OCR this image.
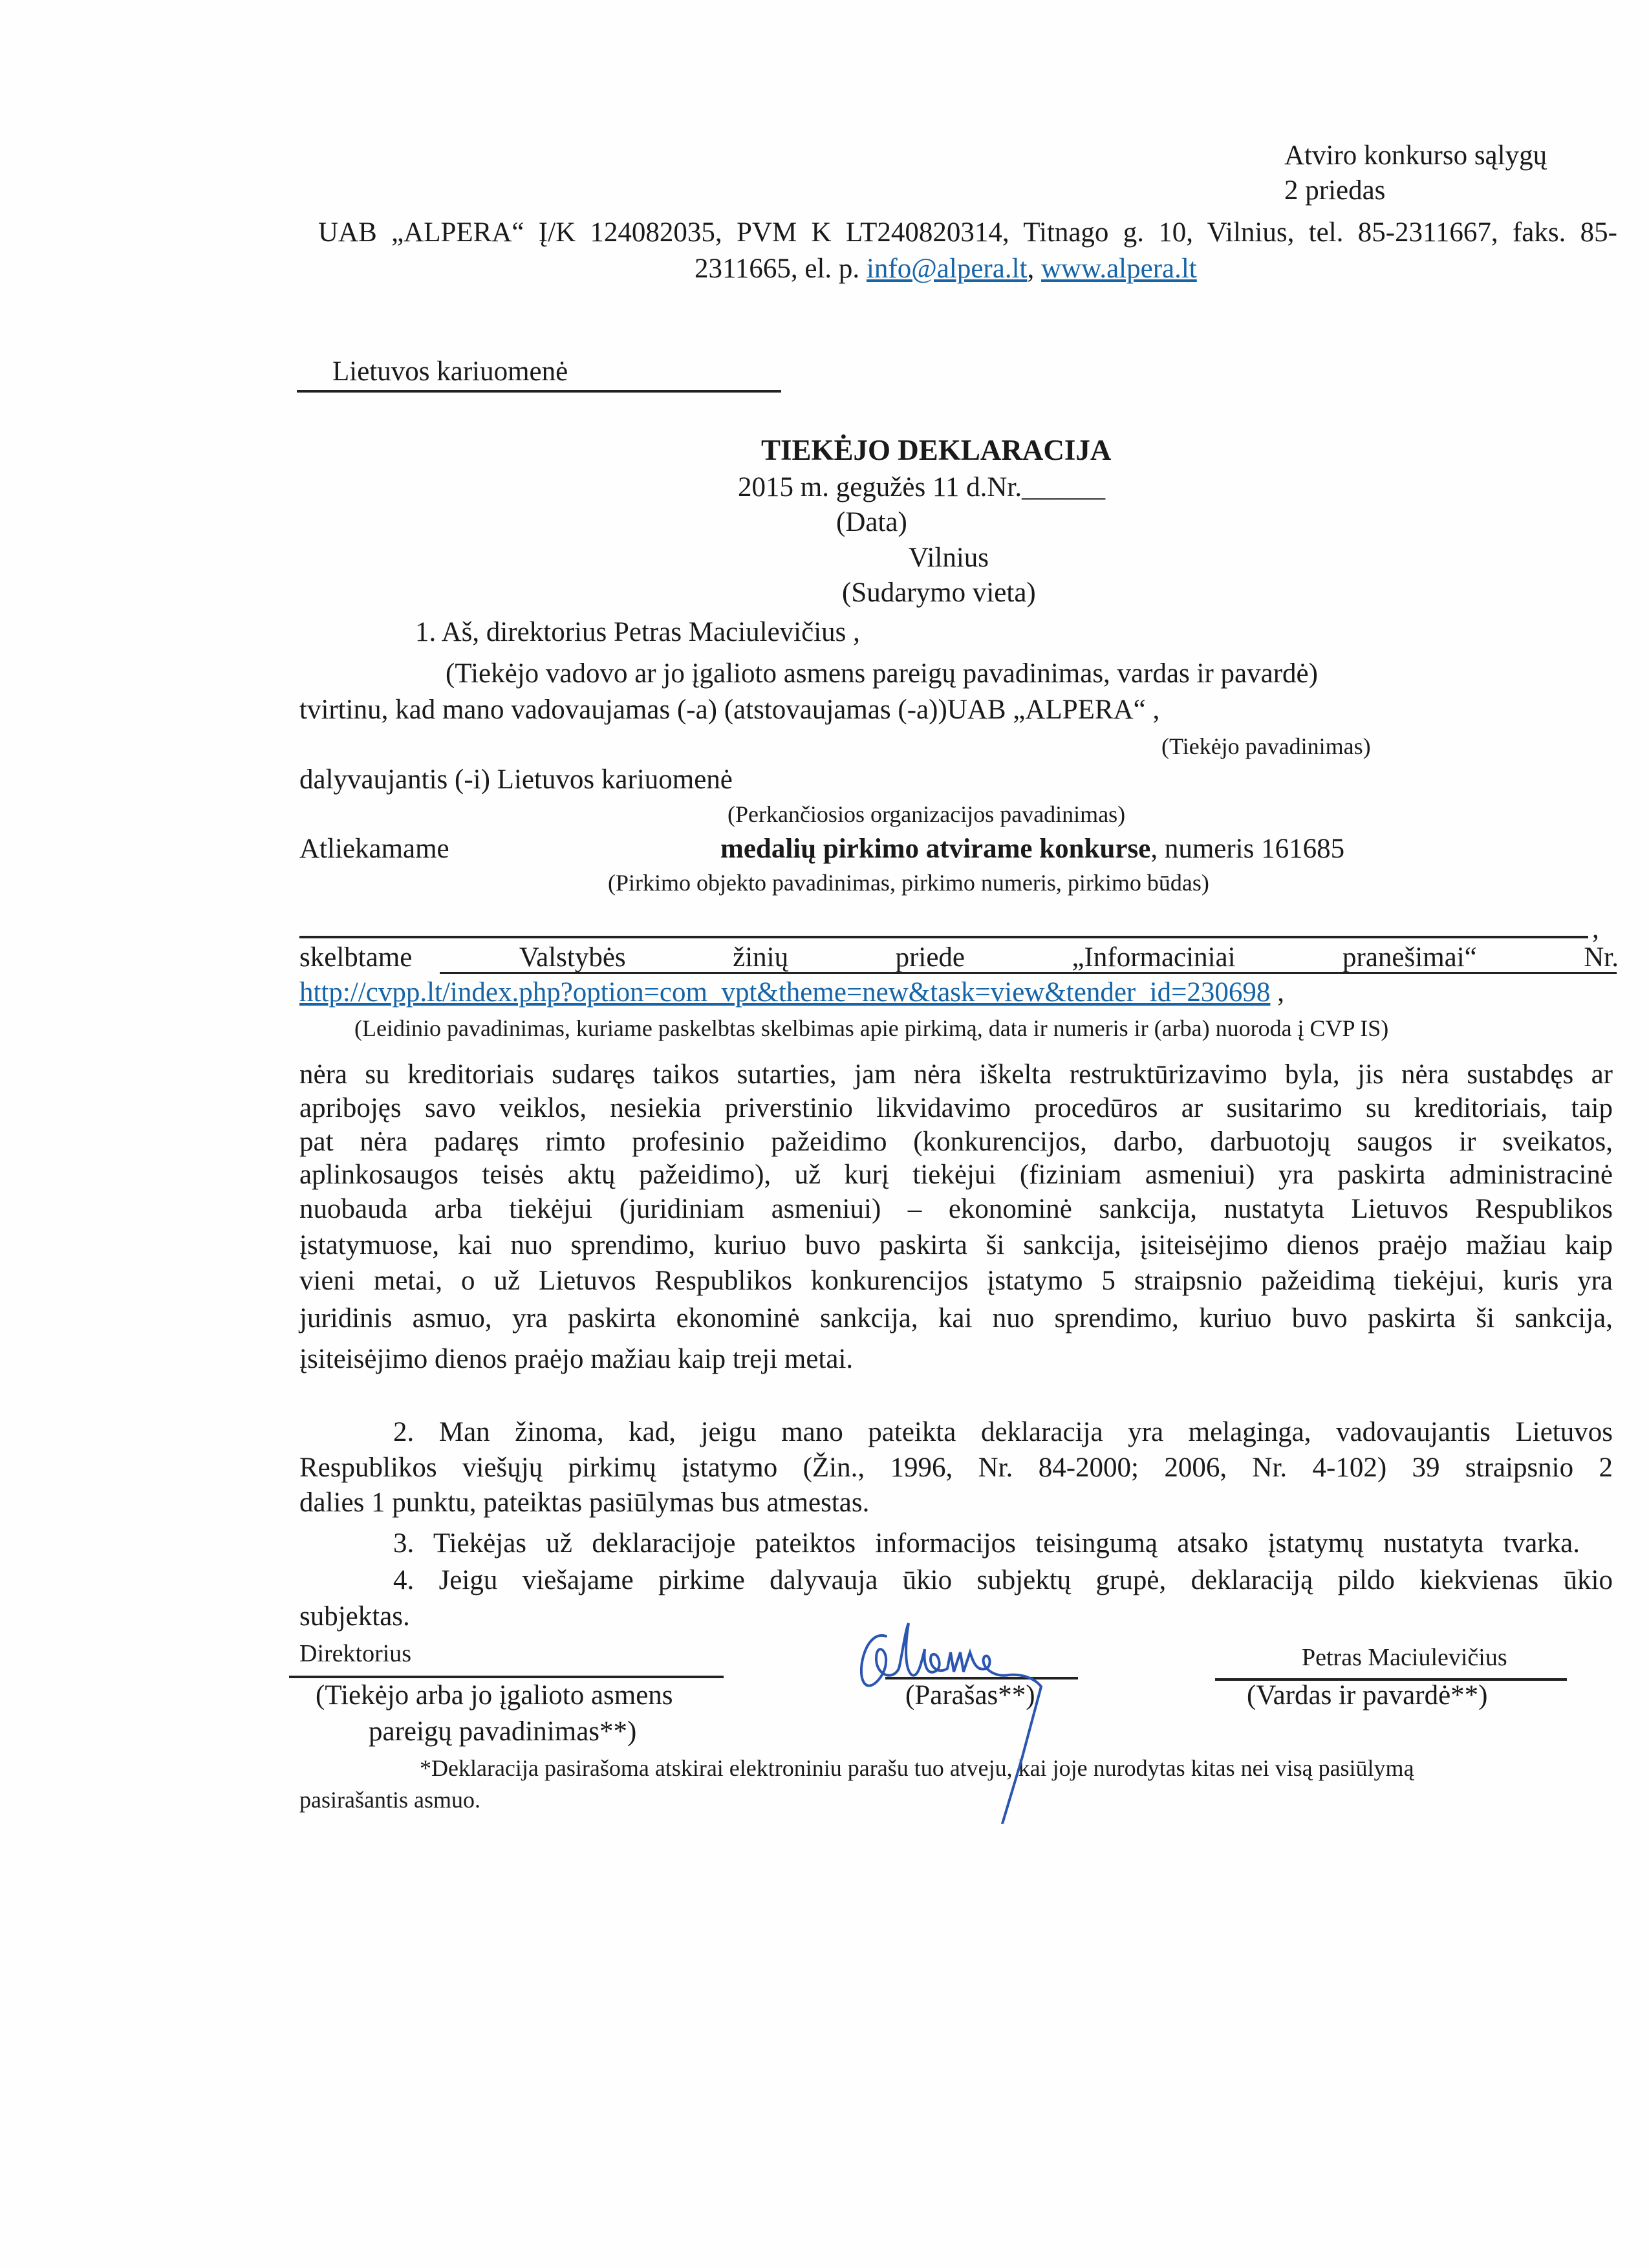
Atviro konkurso sąlygų
2 priedas
UAB „ALPERA“ Į/K 124082035, PVM K LT240820314, Titnago g. 10, Vilnius, tel. 85-2311667, faks. 85-
2311665, el. p. info@alpera.lt, www.alpera.lt
Lietuvos kariuomenė
TIEKĖJO DEKLARACIJA
2015 m. gegužės 11 d.Nr.______
(Data)
Vilnius
(Sudarymo vieta)
1. Aš, direktorius Petras Maciulevičius ,
(Tiekėjo vadovo ar jo įgalioto asmens pareigų pavadinimas, vardas ir pavardė)
tvirtinu, kad mano vadovaujamas (-a) (atstovaujamas (-a))UAB „ALPERA“ ,
(Tiekėjo pavadinimas)
dalyvaujantis (-i) Lietuvos kariuomenė
(Perkančiosios organizacijos pavadinimas)
Atliekamame	medalių pirkimo atvirame konkurse, numeris 161685
(Pirkimo objekto pavadinimas, pirkimo numeris, pirkimo būdas)
,
skelbtame	Valstybės	žinių	priede	„Informaciniai	pranešimai“	Nr.
http://cvpp.lt/index.php?option=com_vpt&theme=new&task=view&tender_id=230698 ,
(Leidinio pavadinimas, kuriame paskelbtas skelbimas apie pirkimą, data ir numeris ir (arba) nuoroda į CVP IS)
nėra su kreditoriais sudaręs taikos sutarties, jam nėra iškelta restruktūrizavimo byla, jis nėra sustabdęs ar
apribojęs savo veiklos, nesiekia priverstinio likvidavimo procedūros ar susitarimo su kreditoriais, taip
pat nėra padaręs rimto profesinio pažeidimo (konkurencijos, darbo, darbuotojų saugos ir sveikatos,
aplinkosaugos teisės aktų pažeidimo), už kurį tiekėjui (fiziniam asmeniui) yra paskirta administracinė
nuobauda arba tiekėjui (juridiniam asmeniui) – ekonominė sankcija, nustatyta Lietuvos Respublikos
įstatymuose, kai nuo sprendimo, kuriuo buvo paskirta ši sankcija, įsiteisėjimo dienos praėjo mažiau kaip
vieni metai, o už Lietuvos Respublikos konkurencijos įstatymo 5 straipsnio pažeidimą tiekėjui, kuris yra
juridinis asmuo, yra paskirta ekonominė sankcija, kai nuo sprendimo, kuriuo buvo paskirta ši sankcija,
įsiteisėjimo dienos praėjo mažiau kaip treji metai.
2. Man žinoma, kad, jeigu mano pateikta deklaracija yra melaginga, vadovaujantis Lietuvos
Respublikos viešųjų pirkimų įstatymo (Žin., 1996, Nr. 84-2000; 2006, Nr. 4-102) 39 straipsnio 2
dalies 1 punktu, pateiktas pasiūlymas bus atmestas.
3. Tiekėjas už deklaracijoje pateiktos informacijos teisingumą atsako įstatymų nustatyta tvarka.
4. Jeigu viešajame pirkime dalyvauja ūkio subjektų grupė, deklaraciją pildo kiekvienas ūkio
subjektas.
Direktorius	Petras Maciulevičius
(Tiekėjo arba jo įgalioto asmens
pareigų pavadinimas**)
(Parašas**)	(Vardas ir pavardė**)
*Deklaracija pasirašoma atskirai elektroniniu parašu tuo atveju, kai joje nurodytas kitas nei visą pasiūlymą
pasirašantis asmuo.
